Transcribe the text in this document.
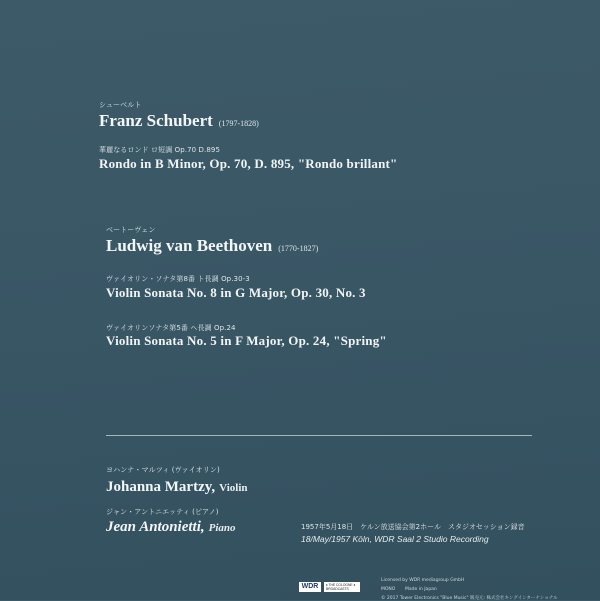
シューベルト
Franz Schubert (1797-1828)
華麗なるロンド ロ短調 Op.70 D.895
Rondo in B Minor, Op. 70, D. 895, "Rondo brillant"
ベートーヴェン
Ludwig van Beethoven (1770-1827)
ヴァイオリン・ソナタ第8番 ト長調 Op.30-3
Violin Sonata No. 8 in G Major, Op. 30, No. 3
ヴァイオリンソナタ第5番 ヘ長調 Op.24
Violin Sonata No. 5 in F Major, Op. 24, "Spring"
ヨハンナ・マルツィ (ヴァイオリン)
Johanna Martzy, Violin
ジャン・アントニエッティ (ピアノ)
Jean Antonietti, Piano	1957年5月18日　ケルン放送協会第2ホール　スタジオセッション録音
18/May/1957 Köln, WDR Saal 2 Studio Recording
WDR	♦ THE COLOGNE ♦ BROADCASTS
Licensed by WDR mediagroup GmbH
MONO Made in Japan
© 2017 Tower Electronics "Blue Music" 販売元: 株式会社キングインターナショナル
